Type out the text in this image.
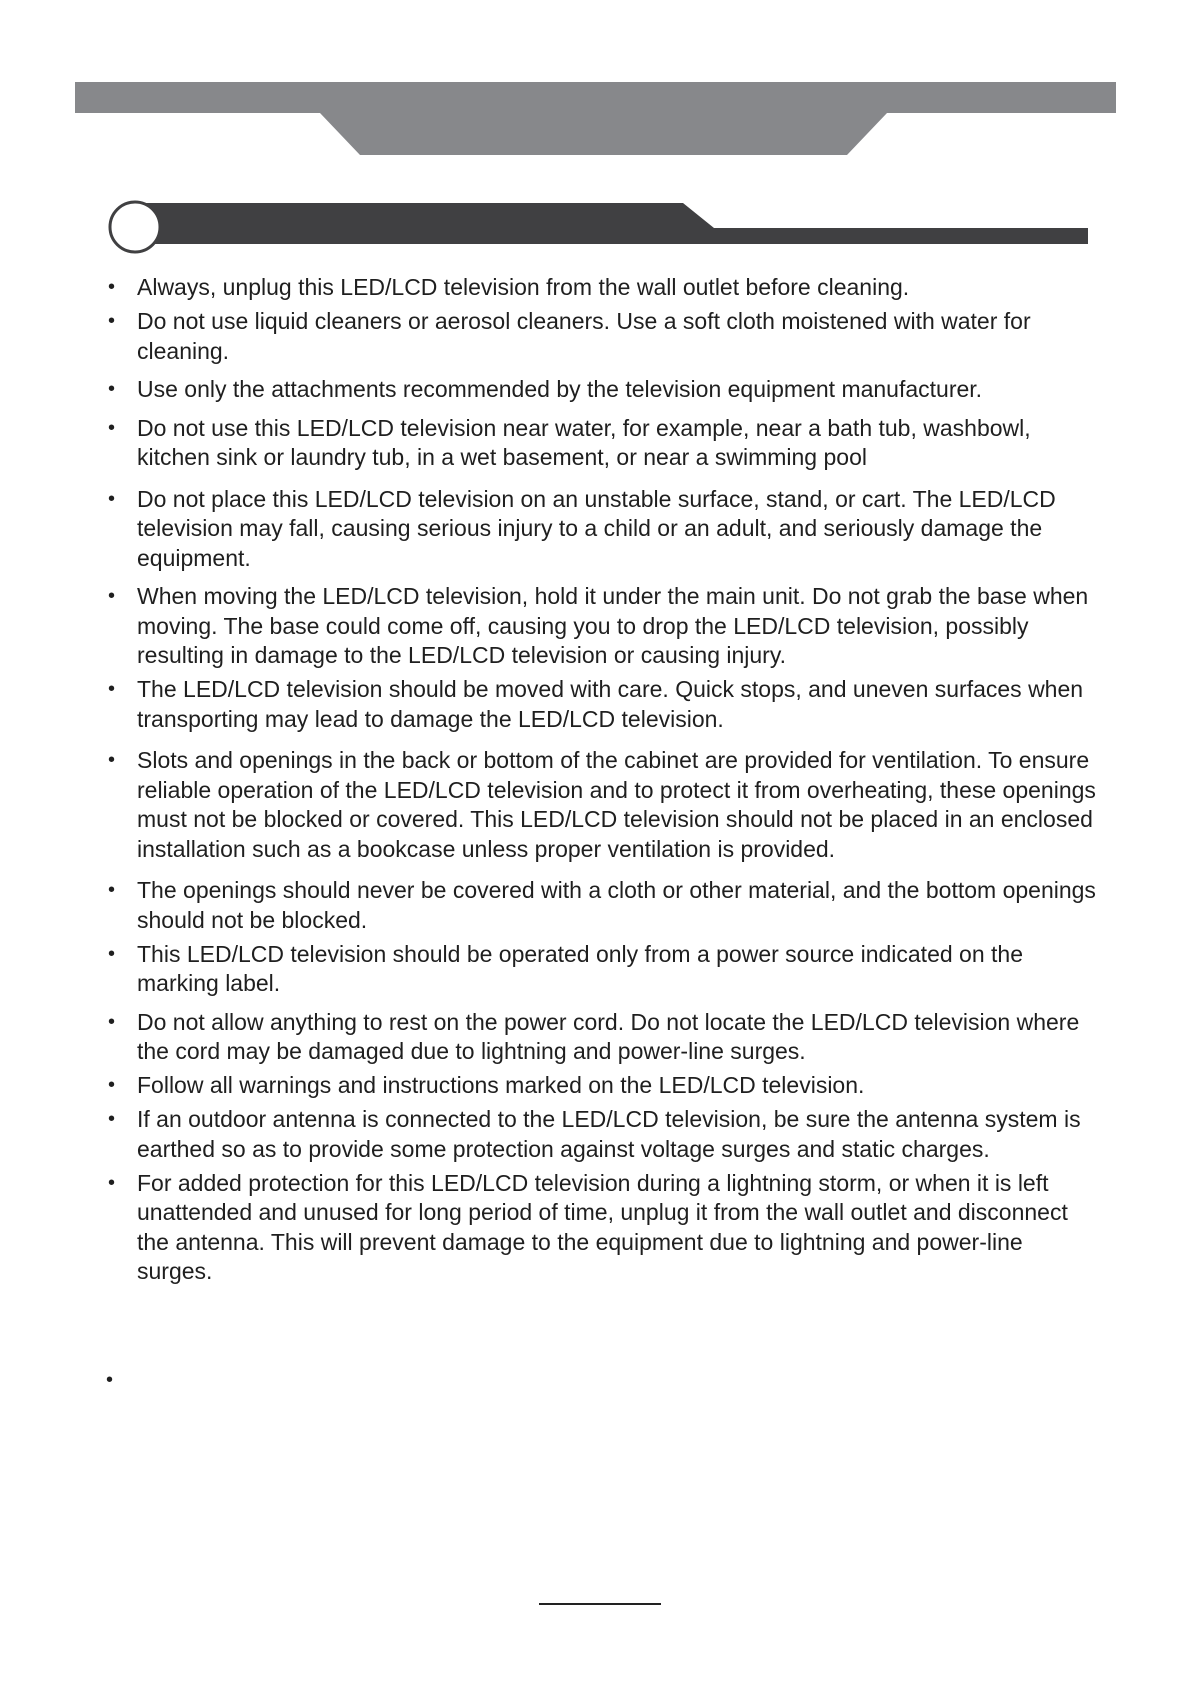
• Always, unplug this LED/LCD television from the wall outlet before cleaning.
• Do not use liquid cleaners or aerosol cleaners. Use a soft cloth moistened with water for cleaning.
• Use only the attachments recommended by the television equipment manufacturer.
• Do not use this LED/LCD television near water, for example, near a bath tub, washbowl, kitchen sink or laundry tub, in a wet basement, or near a swimming pool
• Do not place this LED/LCD television on an unstable surface, stand, or cart. The LED/LCD television may fall, causing serious injury to a child or an adult, and seriously damage the equipment.
• When moving the LED/LCD television, hold it under the main unit. Do not grab the base when moving. The base could come off, causing you to drop the LED/LCD television, possibly resulting in damage to the LED/LCD television or causing injury.
• The LED/LCD television should be moved with care. Quick stops, and uneven surfaces when transporting may lead to damage the LED/LCD television.
• Slots and openings in the back or bottom of the cabinet are provided for ventilation. To ensure reliable operation of the LED/LCD television and to protect it from overheating, these openings must not be blocked or covered. This LED/LCD television should not be placed in an enclosed installation such as a bookcase unless proper ventilation is provided.
• The openings should never be covered with a cloth or other material, and the bottom openings should not be blocked.
• This LED/LCD television should be operated only from a power source indicated on the marking label.
• Do not allow anything to rest on the power cord. Do not locate the LED/LCD television where the cord may be damaged due to lightning and power-line surges.
• Follow all warnings and instructions marked on the LED/LCD television.
• If an outdoor antenna is connected to the LED/LCD television, be sure the antenna system is earthed so as to provide some protection against voltage surges and static charges.
• For added protection for this LED/LCD television during a lightning storm, or when it is left unattended and unused for long period of time, unplug it from the wall outlet and disconnect the antenna. This will prevent damage to the equipment due to lightning and power-line surges.
•
